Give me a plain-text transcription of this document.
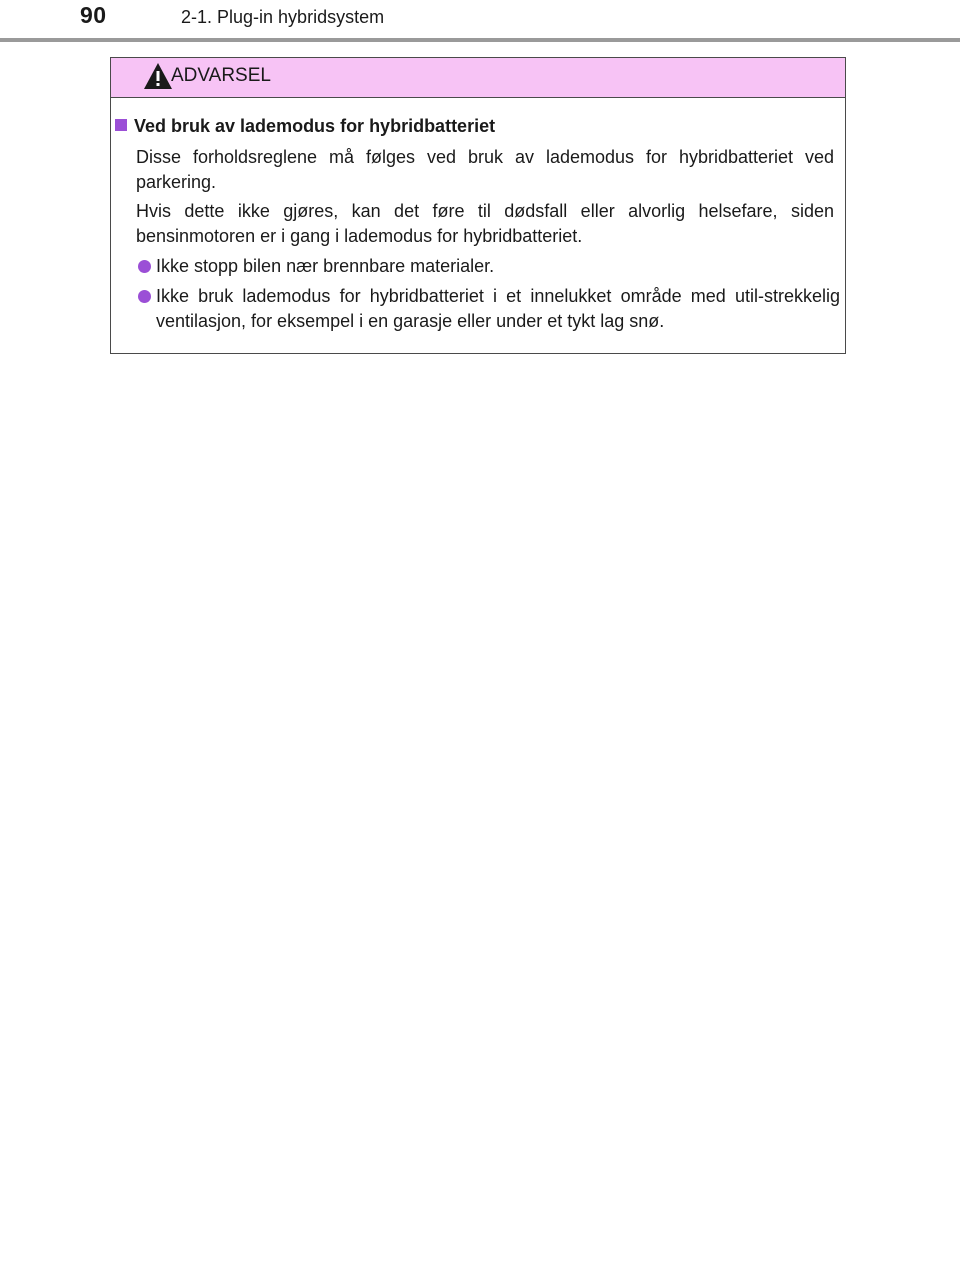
90	2-1. Plug-in hybridsystem
ADVARSEL
Ved bruk av lademodus for hybridbatteriet
Disse forholdsreglene må følges ved bruk av lademodus for hybridbatteriet ved parkering.
Hvis dette ikke gjøres, kan det føre til dødsfall eller alvorlig helsefare, siden bensinmotoren er i gang i lademodus for hybridbatteriet.
Ikke stopp bilen nær brennbare materialer.
Ikke bruk lademodus for hybridbatteriet i et innelukket område med util-strekkelig ventilasjon, for eksempel i en garasje eller under et tykt lag snø.
